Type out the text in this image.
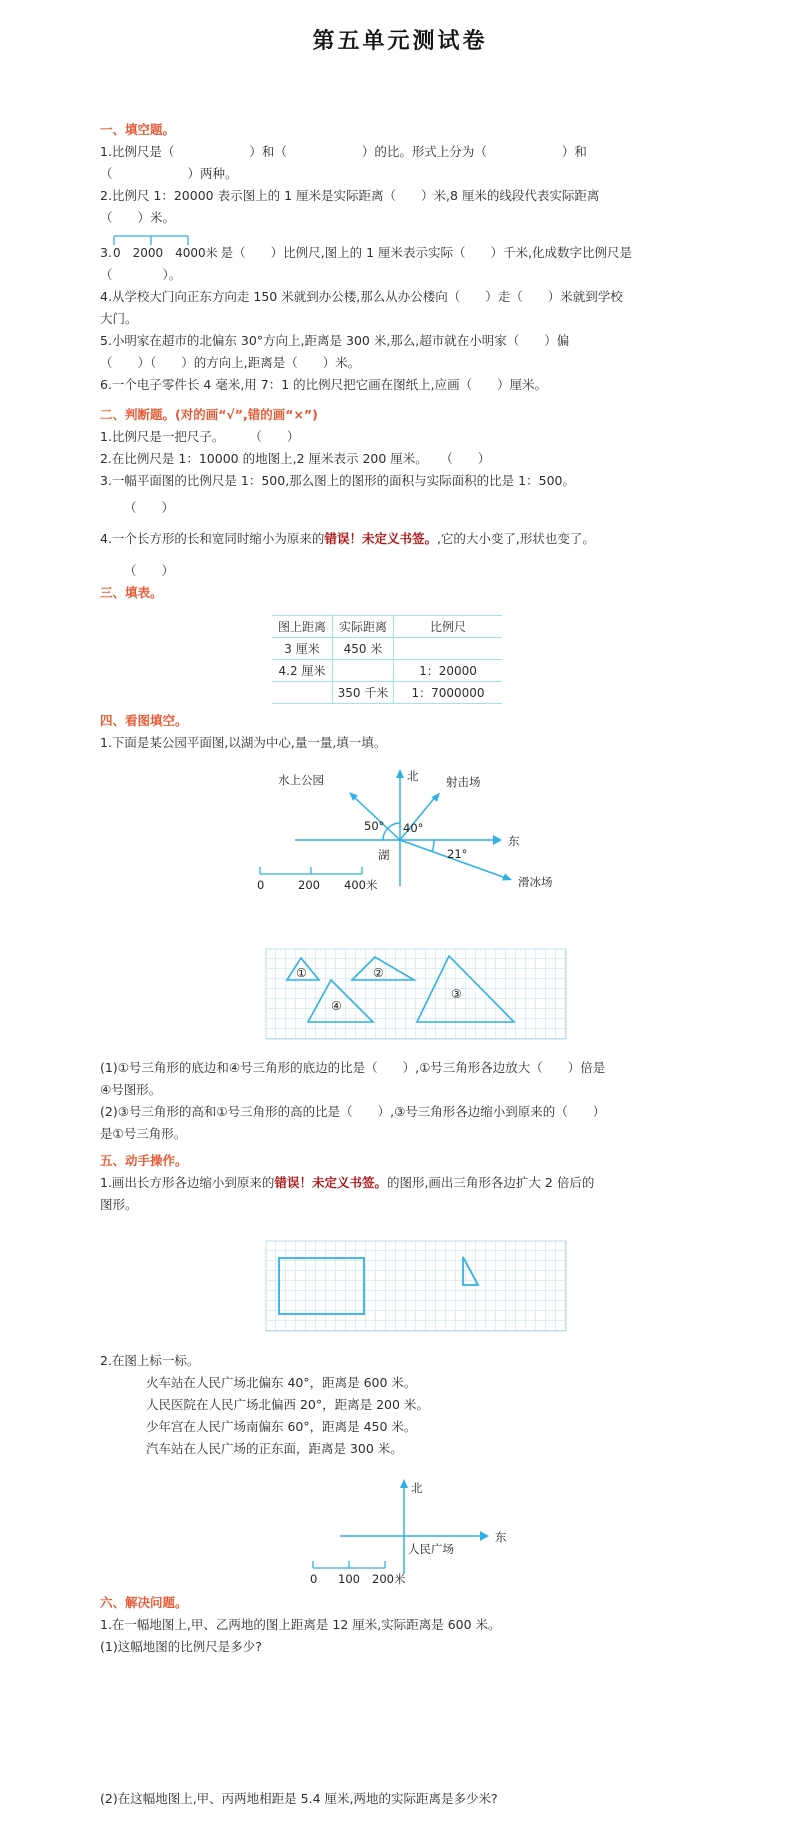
第五单元测试卷
一、填空题。
1.比例尺是（　　　　　　）和（　　　　　　）的比。形式上分为（　　　　　　）和
（　　　　　　）两种。
2.比例尺 1：20000 表示图上的 1 厘米是实际距离（　　）米,8 厘米的线段代表实际距离
（　　）米。
3. 0　2000　4000米 是（　　）比例尺,图上的 1 厘米表示实际（　　）千米,化成数字比例尺是
（　　　　）。
4.从学校大门向正东方向走 150 米就到办公楼,那么从办公楼向（　　）走（　　）米就到学校
大门。
5.小明家在超市的北偏东 30°方向上,距离是 300 米,那么,超市就在小明家（　　）偏
（　　）（　　）的方向上,距离是（　　）米。
6.一个电子零件长 4 毫米,用 7：1 的比例尺把它画在图纸上,应画（　　）厘米。
二、判断题。(对的画“√”,错的画“×”)
1.比例尺是一把尺子。　　　（　　）
2.在比例尺是 1：10000 的地图上,2 厘米表示 200 厘米。　　（　　）
3.一幅平面图的比例尺是 1：500,那么图上的图形的面积与实际面积的比是 1：500。
（　　）
4.一个长方形的长和宽同时缩小为原来的错误！未定义书签。,它的大小变了,形状也变了。
（　　）
三、填表。
图上距离	实际距离	比例尺
3 厘米	450 米	
4.2 厘米		1：20000
	350 千米	1：7000000
四、看图填空。
1.下面是某公园平面图,以湖为中心,量一量,填一填。
北
东
水上公园	射击场
滑冰场
50° 40°
21°
湖
0	200 400米
①	②
④
③
(1)①号三角形的底边和④号三角形的底边的比是（　　）,①号三角形各边放大（　　）倍是
④号图形。
(2)③号三角形的高和①号三角形的高的比是（　　）,③号三角形各边缩小到原来的（　　）
是①号三角形。
五、动手操作。
1.画出长方形各边缩小到原来的错误！未定义书签。的图形,画出三角形各边扩大 2 倍后的
图形。
2.在图上标一标。
火车站在人民广场北偏东 40°，距离是 600 米。
人民医院在人民广场北偏西 20°，距离是 200 米。
少年宫在人民广场南偏东 60°，距离是 450 米。
汽车站在人民广场的正东面，距离是 300 米。
北
东
人民广场
0 100 200米
六、解决问题。
1.在一幅地图上,甲、乙两地的图上距离是 12 厘米,实际距离是 600 米。
(1)这幅地图的比例尺是多少?
(2)在这幅地图上,甲、丙两地相距是 5.4 厘米,两地的实际距离是多少米?
